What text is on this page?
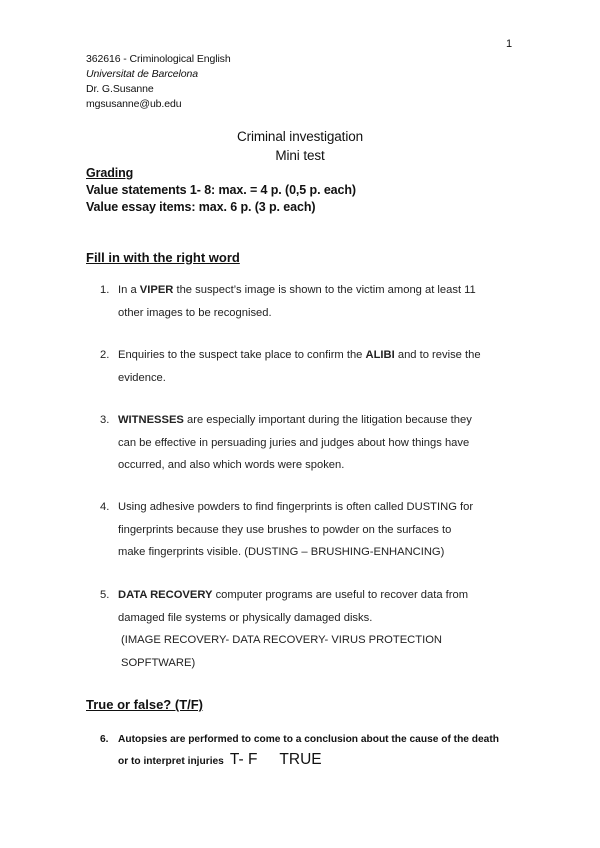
1
362616 - Criminological English
Universitat de Barcelona
Dr. G.Susanne
mgsusanne@ub.edu
Criminal investigation
Mini test
Grading
Value statements 1- 8: max. = 4 p. (0,5 p. each)
Value essay items: max. 6 p. (3 p. each)
Fill in with the right word
1. In a VIPER the suspect’s image is shown to the victim among at least 11
other images to be recognised.
2. Enquiries to the suspect take place to confirm the ALIBI and to revise the
evidence.
3. WITNESSES are especially important during the litigation because they
can be effective in persuading juries and judges about how things have
occurred, and also which words were spoken.
4. Using adhesive powders to find fingerprints is often called DUSTING for
fingerprints because they use brushes to powder on the surfaces to
make fingerprints visible. (DUSTING – BRUSHING-ENHANCING)
5. DATA RECOVERY computer programs are useful to recover data from
damaged file systems or physically damaged disks.
(IMAGE RECOVERY- DATA RECOVERY- VIRUS PROTECTION
SOPFTWARE)
True or false? (T/F)
6. Autopsies are performed to come to a conclusion about the cause of the death
or to interpret injuries T- F TRUE
